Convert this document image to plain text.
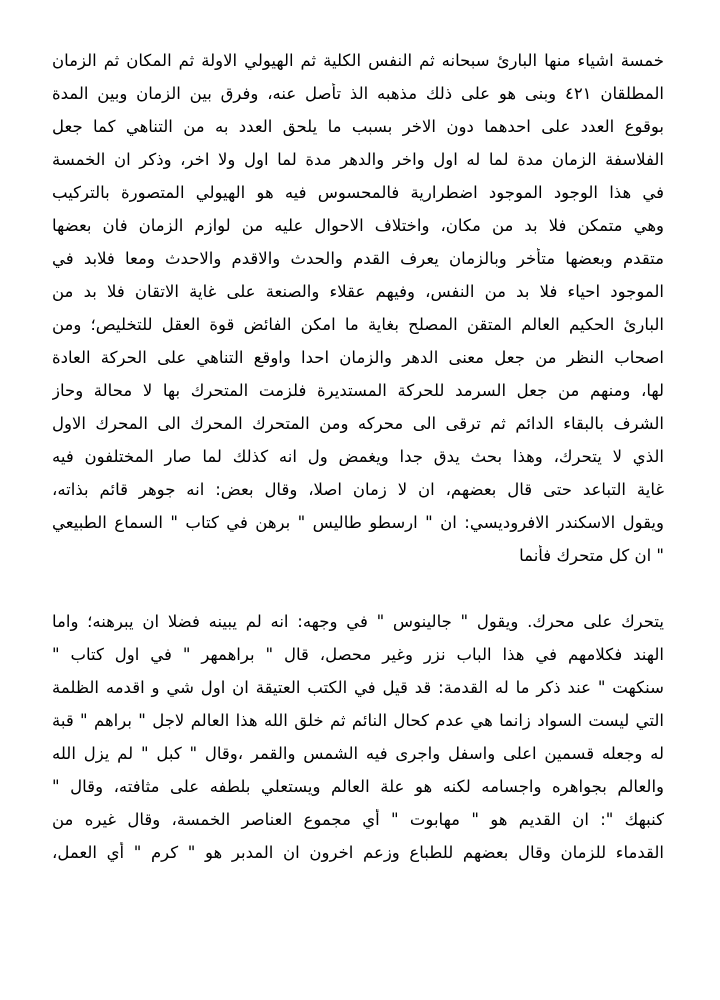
خمسة اشياء منها البارئ سبحانه ثم النفس الكلية ثم الهيولي الاولة ثم المكان ثم الزمان
المطلقان ٤٢١ وبنى هو على ذلك مذهبه الذ تأصل عنه، وفرق بين الزمان وبين المدة
بوقوع العدد على احدهما دون الاخر بسبب ما يلحق العدد به من التناهي كما جعل
الفلاسفة الزمان مدة لما له اول واخر والدهر مدة لما اول ولا اخر، وذكر ان الخمسة
في هذا الوجود الموجود اضطرارية فالمحسوس فيه هو الهيولي المتصورة بالتركيب
وهي متمكن فلا بد من مكان، واختلاف الاحوال عليه من لوازم الزمان فان بعضها
متقدم وبعضها متأخر وبالزمان يعرف القدم والحدث والاقدم والاحدث ومعا فلابد في
الموجود احياء فلا بد من النفس، وفيهم عقلاء والصنعة على غاية الاتقان فلا بد من
البارئ الحكيم العالم المتقن المصلح بغاية ما امكن الفائض قوة العقل للتخليص؛ ومن
اصحاب النظر من جعل معنى الدهر والزمان احدا واوقع التناهي على الحركة العادة
لها، ومنهم من جعل السرمد للحركة المستديرة فلزمت المتحرك بها لا محالة وحاز
الشرف بالبقاء الدائم ثم ترقى الى محركه ومن المتحرك المحرك الى المحرك الاول
الذي لا يتحرك، وهذا بحث يدق جدا ويغمض ول انه كذلك لما صار المختلفون فيه
غاية التباعد حتى قال بعضهم، ان لا زمان اصلا، وقال بعض: انه جوهر قائم بذاته،
ويقول الاسكندر الافروديسي: ان " ارسطو طاليس " برهن في كتاب " السماع الطبيعي
" ان كل متحرك فأنما
يتحرك على محرك. ويقول " جالينوس " في وجهه: انه لم يبينه فضلا ان يبرهنه؛ واما
الهند فكلامهم في هذا الباب نزر وغير محصل، قال " براهمهر " في اول كتاب "
سنكهت " عند ذكر ما له القدمة: قد قيل في الكتب العتيقة ان اول شي و اقدمه الظلمة
التي ليست السواد زانما هي عدم كحال النائم ثم خلق الله هذا العالم لاجل " براهم " قبة
له وجعله قسمين اعلى واسفل واجرى فيه الشمس والقمر ،وقال " كبل " لم يزل الله
والعالم بجواهره واجسامه لكنه هو علة العالم ويستعلي بلطفه على مثافته، وقال "
كنبهك ": ان القديم هو " مهابوت " أي مجموع العناصر الخمسة، وقال غيره من
القدماء للزمان وقال بعضهم للطباع وزعم اخرون ان المدبر هو " كرم " أي العمل،
